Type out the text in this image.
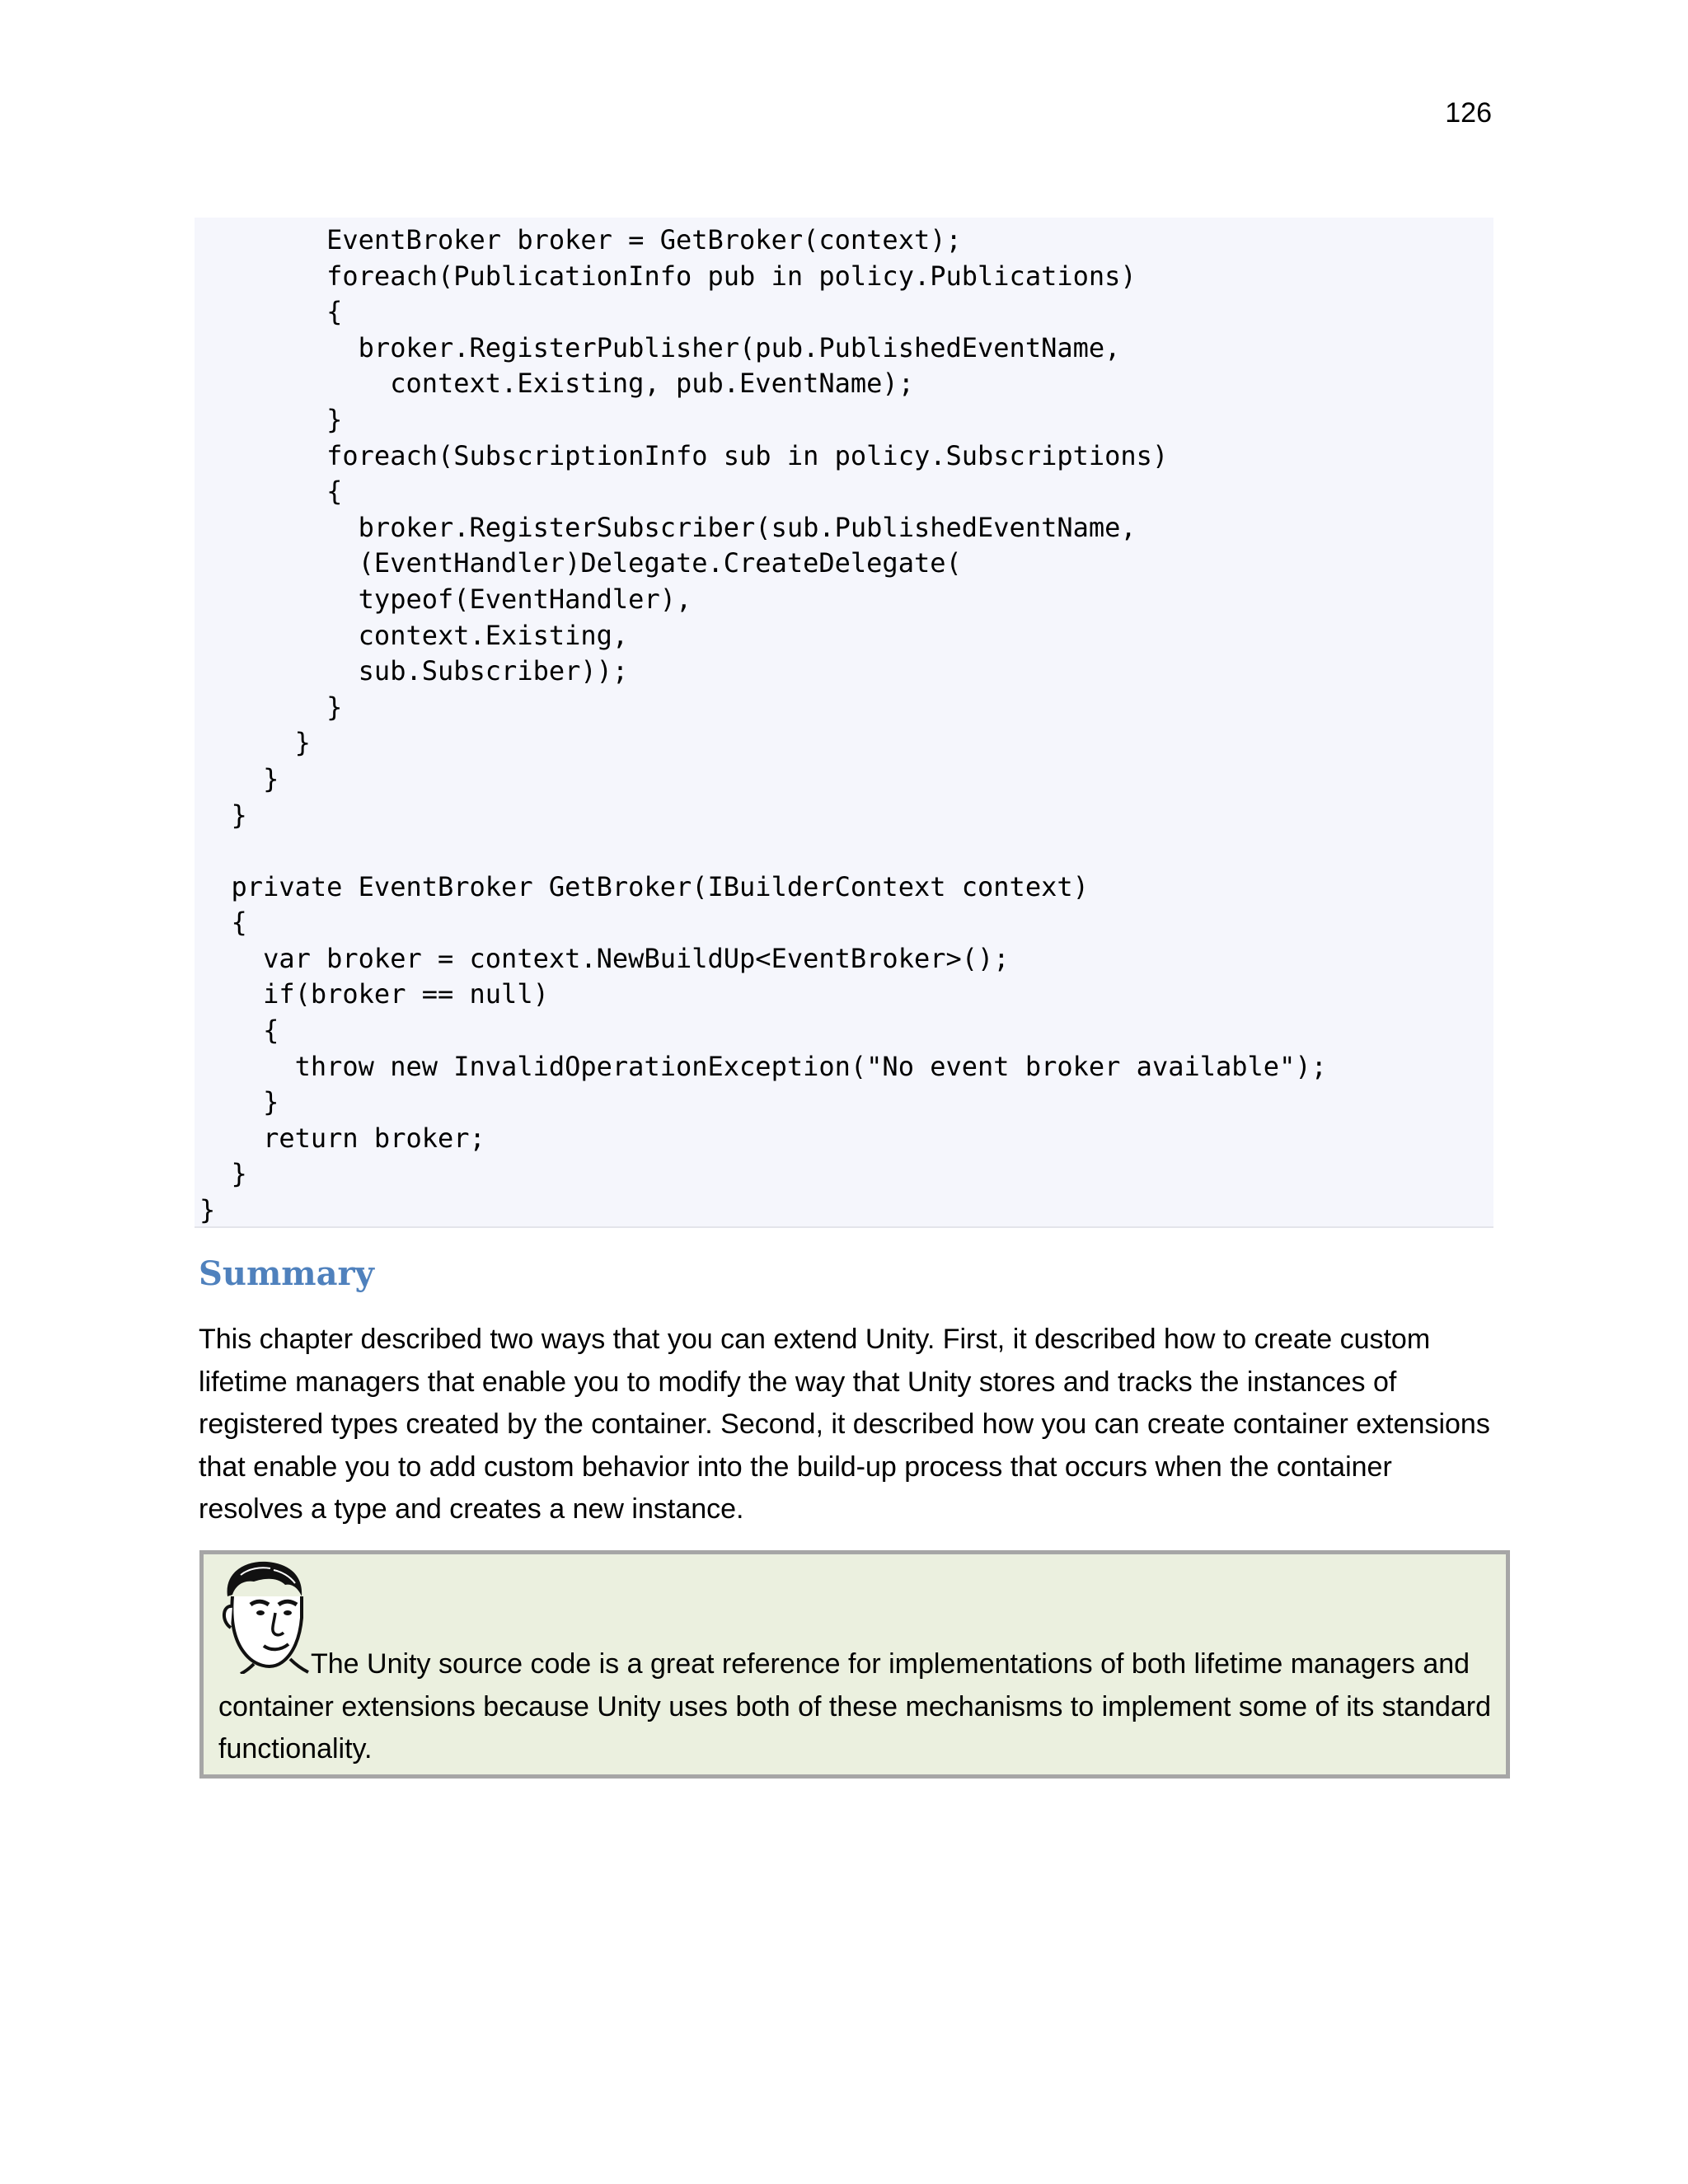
126
EventBroker broker = GetBroker(context);
foreach(PublicationInfo pub in policy.Publications)
{
broker.RegisterPublisher(pub.PublishedEventName,
context.Existing, pub.EventName);
}
foreach(SubscriptionInfo sub in policy.Subscriptions)
{
broker.RegisterSubscriber(sub.PublishedEventName,
(EventHandler)Delegate.CreateDelegate(
typeof(EventHandler),
context.Existing,
sub.Subscriber));
}
}
}
}
private EventBroker GetBroker(IBuilderContext context)
{
var broker = context.NewBuildUp<EventBroker>();
if(broker == null)
{
throw new InvalidOperationException("No event broker available");
}
return broker;
}
}
Summary

This chapter described two ways that you can extend Unity. First, it described how to create custom lifetime managers that enable you to modify the way that Unity stores and tracks the instances of registered types created by the container. Second, it described how you can create container extensions that enable you to add custom behavior into the build-up process that occurs when the container resolves a type and creates a new instance.

The Unity source code is a great reference for implementations of both lifetime managers and container extensions because Unity uses both of these mechanisms to implement some of its standard functionality.
